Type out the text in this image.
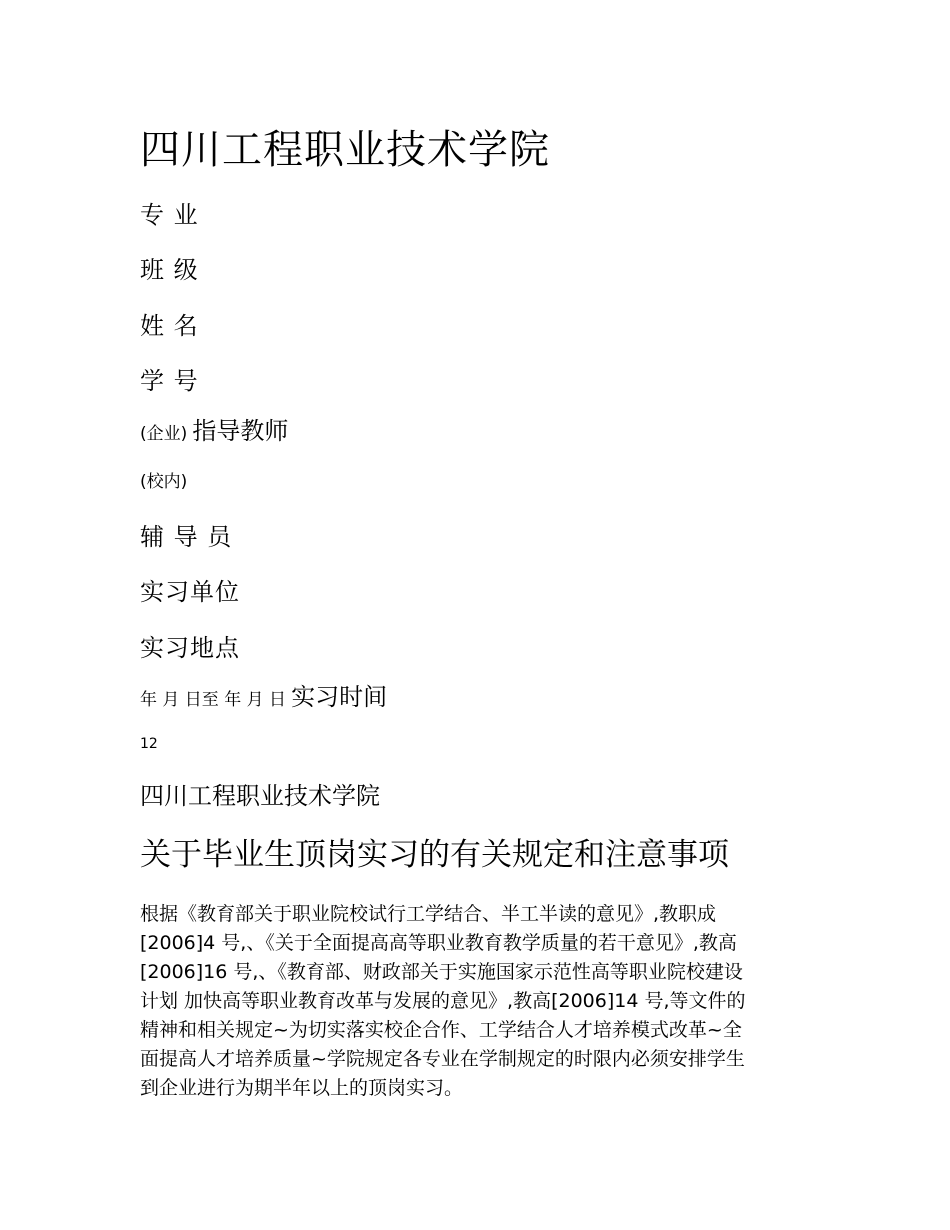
四川工程职业技术学院
专 业
班 级
姓 名
学 号
(企业) 指导教师
(校内)
辅 导 员
实习单位
实习地点
年 月 日至 年 月 日 实习时间
12
四川工程职业技术学院
关于毕业生顶岗实习的有关规定和注意事项

根据《教育部关于职业院校试行工学结合、半工半读的意见》,教职成
[2006]4 号,、《关于全面提高高等职业教育教学质量的若干意见》,教高
[2006]16 号,、《教育部、财政部关于实施国家示范性高等职业院校建设
计划 加快高等职业教育改革与发展的意见》,教高[2006]14 号,等文件的
精神和相关规定~为切实落实校企合作、工学结合人才培养模式改革~全
面提高人才培养质量~学院规定各专业在学制规定的时限内必须安排学生
到企业进行为期半年以上的顶岗实习。
